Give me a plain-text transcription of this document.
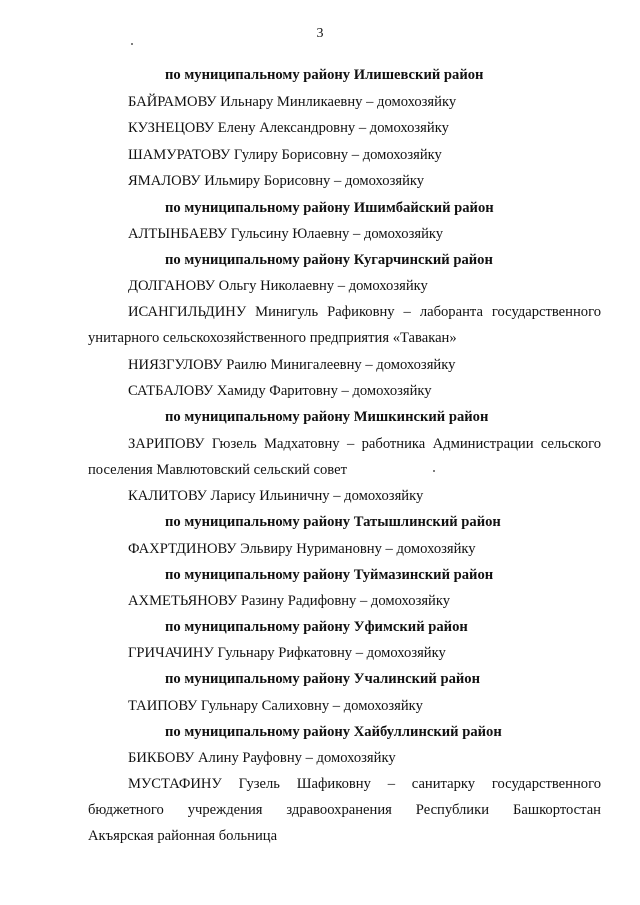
3
по муниципальному району Илишевский район
БАЙРАМОВУ Ильнару Минликаевну – домохозяйку
КУЗНЕЦОВУ Елену Александровну – домохозяйку
ШАМУРАТОВУ Гулиру Борисовну – домохозяйку
ЯМАЛОВУ Ильмиру Борисовну – домохозяйку
по муниципальному району Ишимбайский район
АЛТЫНБАЕВУ Гульсину Юлаевну – домохозяйку
по муниципальному району Кугарчинский район
ДОЛГАНОВУ Ольгу Николаевну – домохозяйку
ИСАНГИЛЬДИНУ Минигуль Рафиковну – лаборанта государственного
унитарного сельскохозяйственного предприятия «Тавакан»
НИЯЗГУЛОВУ Раилю Минигалеевну – домохозяйку
САТБАЛОВУ Хамиду Фаритовну – домохозяйку
по муниципальному району Мишкинский район
ЗАРИПОВУ Гюзель Мадхатовну – работника Администрации сельского
поселения Мавлютовский сельский совет
КАЛИТОВУ Ларису Ильиничну – домохозяйку
по муниципальному району Татышлинский район
ФАХРТДИНОВУ Эльвиру Нуримановну – домохозяйку
по муниципальному району Туймазинский район
АХМЕТЬЯНОВУ Разину Радифовну – домохозяйку
по муниципальному району Уфимский район
ГРИЧАЧИНУ Гульнару Рифкатовну – домохозяйку
по муниципальному району Учалинский район
ТАИПОВУ Гульнару Салиховну – домохозяйку
по муниципальному району Хайбуллинский район
БИКБОВУ Алину Рауфовну – домохозяйку
МУСТАФИНУ Гузель Шафиковну – санитарку государственного
бюджетного учреждения здравоохранения Республики Башкортостан
Акъярская районная больница
